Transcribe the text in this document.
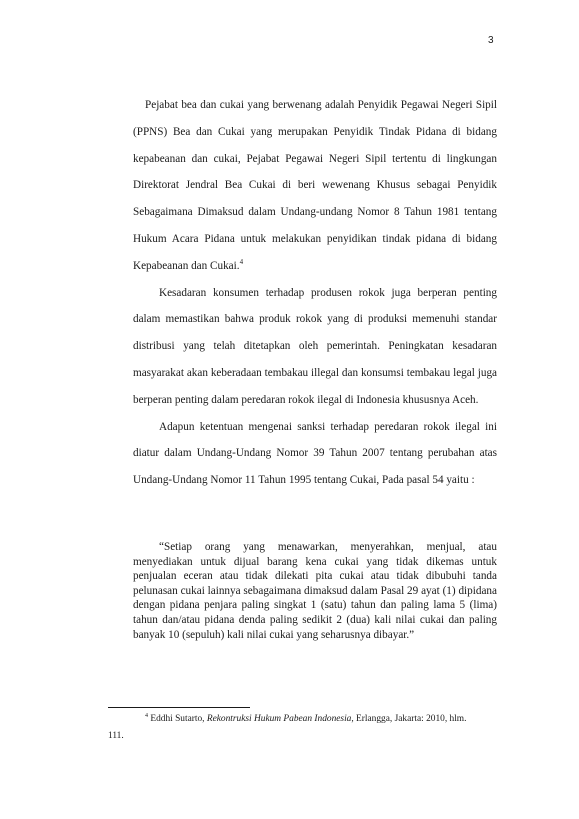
3

Pejabat bea dan cukai yang berwenang adalah Penyidik Pegawai Negeri Sipil (PPNS) Bea dan Cukai yang merupakan Penyidik Tindak Pidana di bidang kepabeanan dan cukai, Pejabat Pegawai Negeri Sipil tertentu di lingkungan Direktorat Jendral Bea Cukai di beri wewenang Khusus sebagai Penyidik Sebagaimana Dimaksud dalam Undang-undang Nomor 8 Tahun 1981 tentang Hukum Acara Pidana untuk melakukan penyidikan tindak pidana di bidang Kepabeanan dan Cukai.$^4$

Kesadaran konsumen terhadap produsen rokok juga berperan penting dalam memastikan bahwa produk rokok yang di produksi memenuhi standar distribusi yang telah ditetapkan oleh pemerintah. Peningkatan kesadaran masyarakat akan keberadaan tembakau illegal dan konsumsi tembakau legal juga berperan penting dalam peredaran rokok ilegal di Indonesia khususnya Aceh.

Adapun ketentuan mengenai sanksi terhadap peredaran rokok ilegal ini diatur dalam Undang-Undang Nomor 39 Tahun 2007 tentang perubahan atas Undang-Undang Nomor 11 Tahun 1995 tentang Cukai, Pada pasal 54 yaitu :

“Setiap orang yang menawarkan, menyerahkan, menjual, atau menyediakan untuk dijual barang kena cukai yang tidak dikemas untuk penjualan eceran atau tidak dilekati pita cukai atau tidak dibubuhi tanda pelunasan cukai lainnya sebagaimana dimaksud dalam Pasal 29 ayat (1) dipidana dengan pidana penjara paling singkat 1 (satu) tahun dan paling lama 5 (lima) tahun dan/atau pidana denda paling sedikit 2 (dua) kali nilai cukai dan paling banyak 10 (sepuluh) kali nilai cukai yang seharusnya dibayar.”

$^4$ Eddhi Sutarto, Rekontruksi Hukum Pabean Indonesia, Erlangga, Jakarta: 2010, hlm.
111.
